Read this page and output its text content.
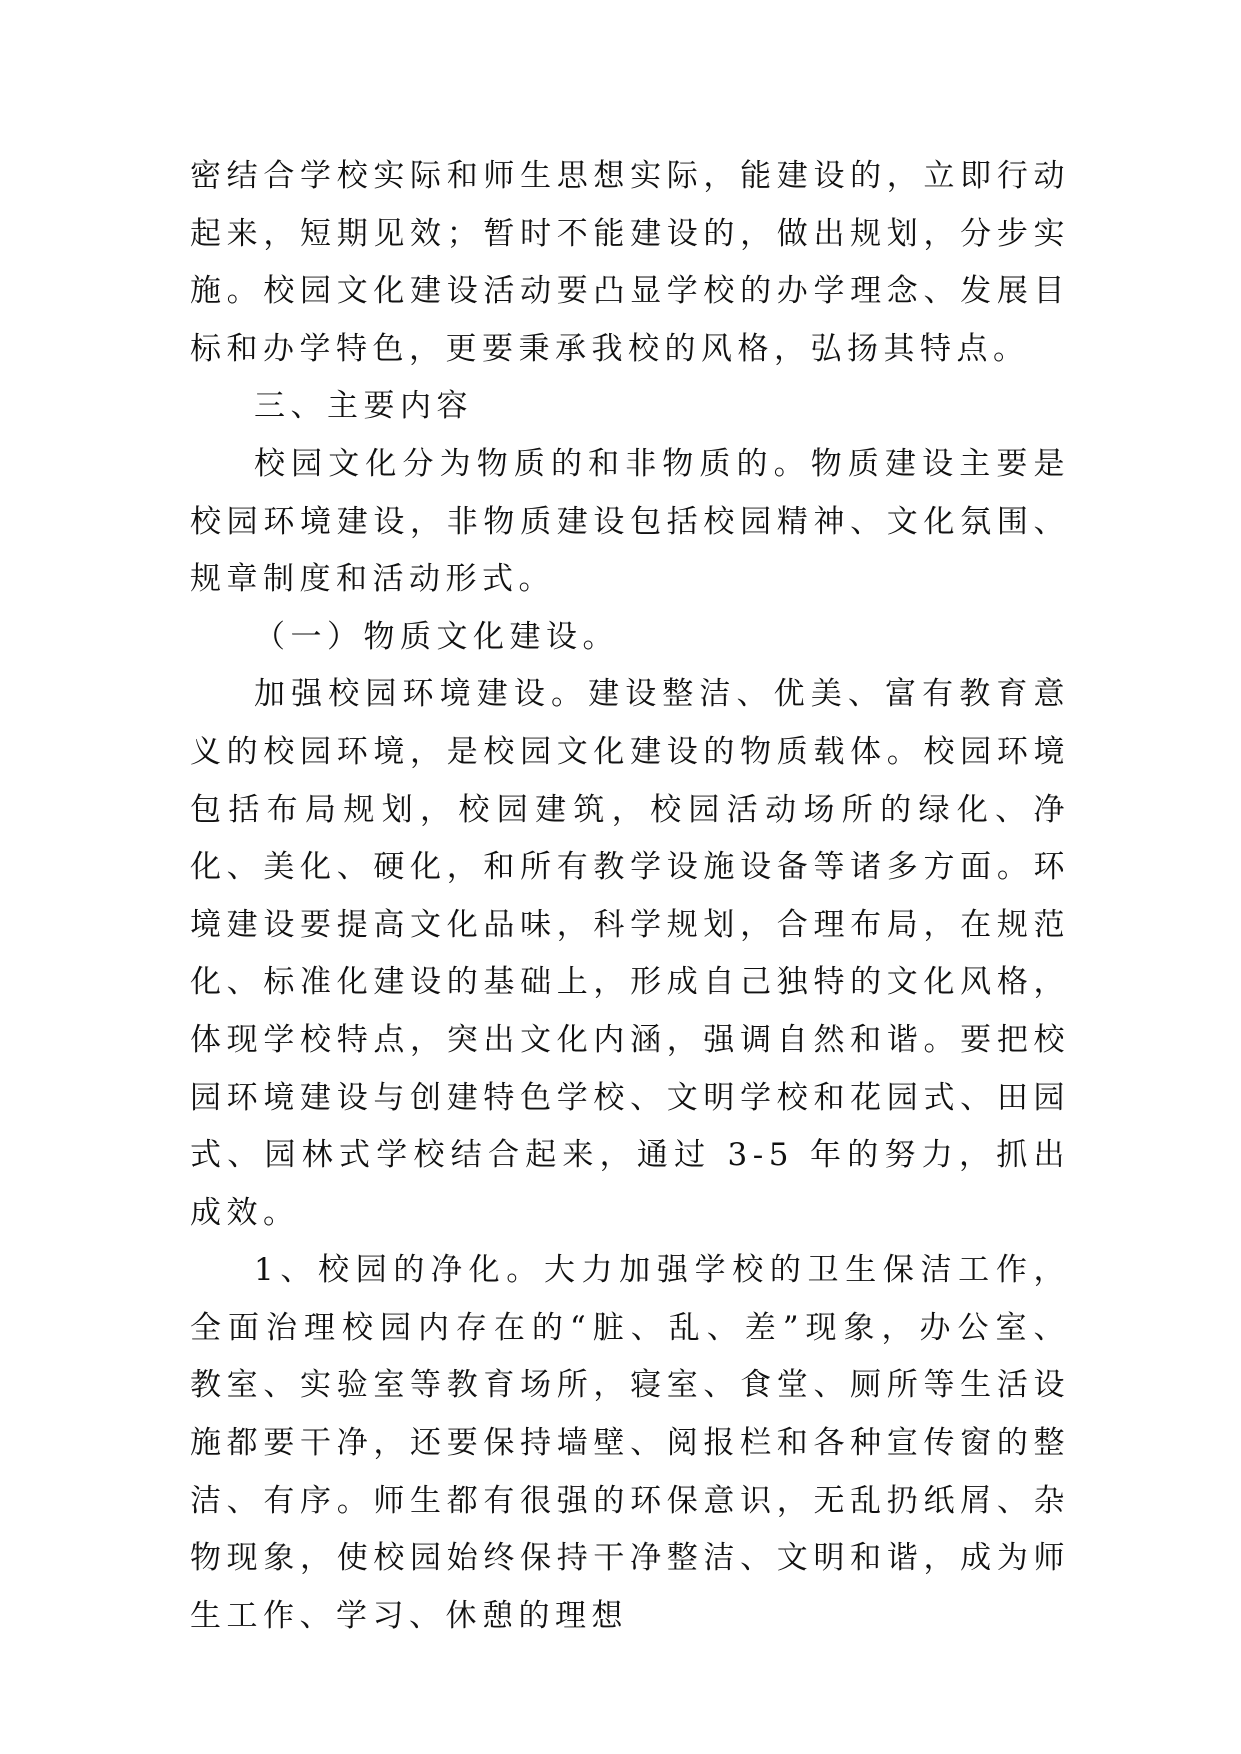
密结合学校实际和师生思想实际，能建设的，立即行动起来，短期见效；暂时不能建设的，做出规划，分步实施。校园文化建设活动要凸显学校的办学理念、发展目标和办学特色，更要秉承我校的风格，弘扬其特点。

三、主要内容

校园文化分为物质的和非物质的。物质建设主要是校园环境建设，非物质建设包括校园精神、文化氛围、规章制度和活动形式。

（一）物质文化建设。

加强校园环境建设。建设整洁、优美、富有教育意义的校园环境，是校园文化建设的物质载体。校园环境包括布局规划，校园建筑，校园活动场所的绿化、净化、美化、硬化，和所有教学设施设备等诸多方面。环境建设要提高文化品味，科学规划，合理布局，在规范化、标准化建设的基础上，形成自己独特的文化风格，体现学校特点，突出文化内涵，强调自然和谐。要把校园环境建设与创建特色学校、文明学校和花园式、田园式、园林式学校结合起来，通过 3-5 年的努力，抓出成效。

1、校园的净化。大力加强学校的卫生保洁工作，全面治理校园内存在的“脏、乱、差”现象，办公室、教室、实验室等教育场所，寝室、食堂、厕所等生活设施都要干净，还要保持墙壁、阅报栏和各种宣传窗的整洁、有序。师生都有很强的环保意识，无乱扔纸屑、杂物现象，使校园始终保持干净整洁、文明和谐，成为师生工作、学习、休憩的理想
